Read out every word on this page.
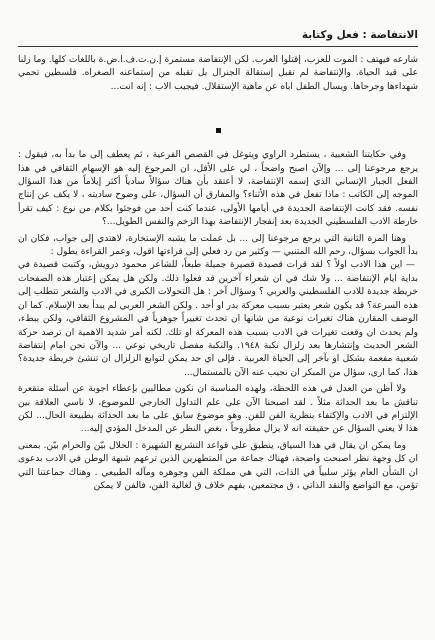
الانتفاضة : فعل وكتابة

شارعه فيهتف : الموت للعرب، إقتلوا العرب. لكن الإنتفاضة مستمرة إ.ن.ت.ف.ا.ض.ة باللغات كلها. وما زلنا على قيد الحياة. والإنتفاضة لم تقبل إستقالة الجنرال بل تقبله من إستماعنه الصغراه. فلسطين تحمي شهداءها وجرحاها. ويسال الطفل اباه عن ماهية الإستقلال. فيجيب الاب : إنه انت...

وفي حكايتنا الشعبية ، يستطرد الراوي ويتوغل في القصص الفرعية ، ثم يعطف إلى ما بدأ به، فيقول : يرجع مرجوعنا إلى ... وإلآن اصبح واضحاً ، لي على الأقل، ان المرجوع إليه هو الإسهام الثقافي في هذا الفعل الجبار الإنساني الذي إسمه الإنتفاضة، لا أعتقد بأن هناك سؤالاً سادياً أكثر إيلاماً من هذا السؤال الموجه إلى الكاتب : ماذا تفعل في هذه الأثناء؟ والمفارق أن السؤال، على وضوح ساديته ، لا يكف عن إنتاج نفسه. فقد كانت الإنتفاضة الجديدة في أيامها الأولى، عندما كنت أحد من فوجئوا بكلام من نوع : كيف تقرأ خارطة الادب الفلسطيني الجديدة بعد إنفجار الإنتفاضة بهذا الزخم والنفس الطويل...؟

وهنا المرة الثانية التي يرجع مرجوعنا إلى ... بل عملت ما يشبه الإستخارة، لاهتدي إلى جواب، فكان ان بدأ الجواب بسؤال، رحم الله المتنبي — وكثير من رد فعلي إلى قراءتها اقول، وعمر القراءة يطول :

— اين هذا الادب اولاً ؟ لقد قرات قصيدة قصيرة جميلة طبعاً، للشاعر محمود درويش، وكتبت قصيدة في بداية ايام الإنتفاضة ... ولا شك في ان شعراء آخرين قد فعلوا ذلك. ولكن هل يمكن إعتبار هذه الصفحات خريطة جديدة للادب الفلسطيني والعربي ؟ وسؤال آخر : هل التحولات الكبرى في الادب والشعر تتطلب إلى هذه السرعة؟ قد يكون شعر يعتبر بسبب معركة بدر او أحد . ولكن الشعر العربي لم يبدأ بعد الإسلام. كما ان الوصف المقارن هناك تغيرات نوعية من شانها ان تحدث تغييراً جوهرياً في المشروع الثقافي، ولكن ببطء، ولم يحدث ان وقعت تغيرات في الادب بسبب هذه المعركة او تلك. لكنه أمر شديد الاهمية ان ترصد حركة الشعر الحديث وإنتشارها بعد زلزال نكبة ١٩٤٨. والنكبة مفصل تاريخي نوعي ... والآن نحن امام إنتفاضة شعبية مفعمة بشكل او بآخر إلى الحياة العربية . فإلى اي حد يمكن لتوابع الزلزال ان تنشئ خريطة جديدة؟ هذا، كما ارى، سؤال من المبكر ان نجيب عنه الآن بالمستمال...

ولا أظن من العدل في هذه اللحظة، ولهذه المناسبة ان نكون مطالبين بإعطاء اجوبة عن أسئلة متقعرة تناقش ما بعد الحداثة مثلاً . لقد اصبحنا الآن على علم التداول الخارجي للموضوع، لا ناسي العلاقة بين الإلتزام في الادب والإكتفاء بنظرية الفن للفن. وهو موضوع سابق على ما بعد الحداثة بطبيعة الحال... لكن هذا لا يعني السؤال عن حقيقته انه لا يزال مطروحاً ، بغض النظر عن المدخل المؤدي إليه...

وما يمكن ان يقال في هذا السياق، ينطبق على قواعد التشريع الشهيرة : الحلال بيّن والحرام بيّن. بمعنى ان كل وجهة نظر اصبحت واضحة، فهناك جماعة من المتطهرين الذين ترعهم شبهة الوطن في الادب بدعوى ان الشأن العام يؤثر سلبياً في الذات، التي هي مملكة الفن وجوهره ومآله الطبيعي . وهناك جماعتنا التي تؤمن، مع التواضع والنقد الذاتي ، ق مجتمعين، بفهم خلاف ق لغالية الفن، فالفن لا يمكن
